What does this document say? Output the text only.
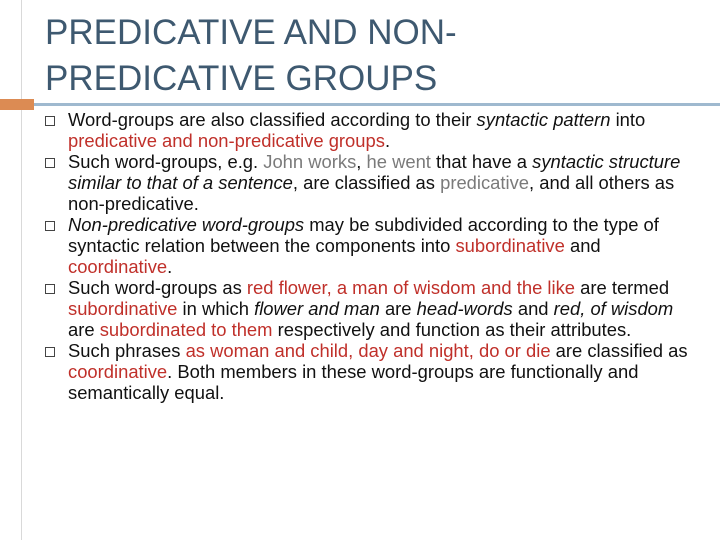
PREDICATIVE AND NON-
PREDICATIVE GROUPS
Word-groups are also classified according to their syntactic pattern into predicative and non-predicative groups.
Such word-groups, e.g. John works, he went that have a syntactic structure similar to that of a sentence, are classified as predicative, and all others as non-predicative.
Non-predicative word-groups may be subdivided according to the type of syntactic relation between the components into subordinative and coordinative.
Such word-groups as red flower, a man of wisdom and the like are termed subordinative in which flower and man are head-words and red, of wisdom are subordinated to them respectively and function as their attributes.
Such phrases as woman and child, day and night, do or die are classified as coordinative. Both members in these word-groups are functionally and semantically equal.
